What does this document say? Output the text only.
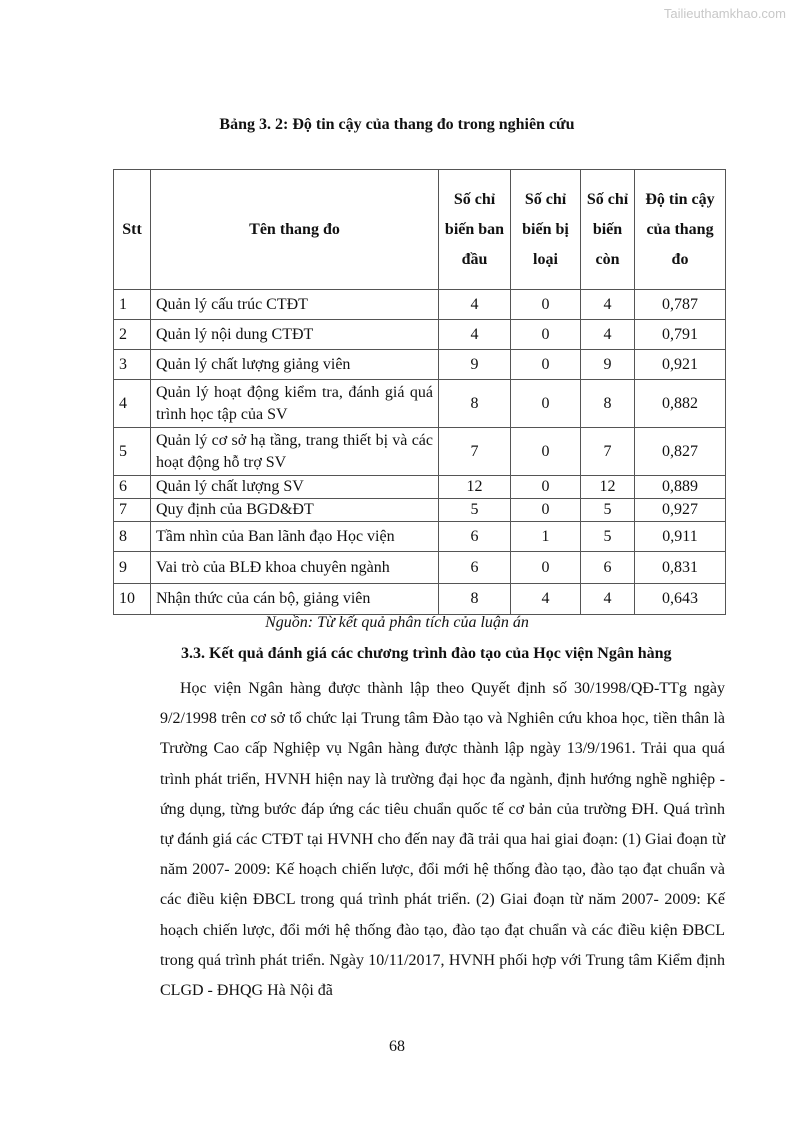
Tailieuthamkhao.com
Bảng 3. 2: Độ tin cậy của thang đo trong nghiên cứu
Stt	Tên thang đo	Số chỉ biến ban đầu	Số chỉ biến bị loại	Số chỉ biến còn	Độ tin cậy của thang đo
1	Quản lý cấu trúc CTĐT	4	0	4	0,787
2	Quản lý nội dung CTĐT	4	0	4	0,791
3	Quản lý chất lượng giảng viên	9	0	9	0,921
4	Quản lý hoạt động kiểm tra, đánh giá quá trình học tập của SV	8	0	8	0,882
5	Quản lý cơ sở hạ tầng, trang thiết bị và các hoạt động hỗ trợ SV	7	0	7	0,827
6	Quản lý chất lượng SV	12	0	12	0,889
7	Quy định của BGD&ĐT	5	0	5	0,927
8	Tầm nhìn của Ban lãnh đạo Học viện	6	1	5	0,911
9	Vai trò của BLĐ khoa chuyên ngành	6	0	6	0,831
10	Nhận thức của cán bộ, giảng viên	8	4	4	0,643
Nguồn: Từ kết quả phân tích của luận án
3.3. Kết quả đánh giá các chương trình đào tạo của Học viện Ngân hàng

Học viện Ngân hàng được thành lập theo Quyết định số 30/1998/QĐ-TTg ngày 9/2/1998 trên cơ sở tổ chức lại Trung tâm Đào tạo và Nghiên cứu khoa học, tiền thân là Trường Cao cấp Nghiệp vụ Ngân hàng được thành lập ngày 13/9/1961. Trải qua quá trình phát triển, HVNH hiện nay là trường đại học đa ngành, định hướng nghề nghiệp - ứng dụng, từng bước đáp ứng các tiêu chuẩn quốc tế cơ bản của trường ĐH. Quá trình tự đánh giá các CTĐT tại HVNH cho đến nay đã trải qua hai giai đoạn: (1) Giai đoạn từ năm 2007- 2009: Kế hoạch chiến lược, đổi mới hệ thống đào tạo, đào tạo đạt chuẩn và các điều kiện ĐBCL trong quá trình phát triển. (2) Giai đoạn từ năm 2007- 2009: Kế hoạch chiến lược, đổi mới hệ thống đào tạo, đào tạo đạt chuẩn và các điều kiện ĐBCL trong quá trình phát triển. Ngày 10/11/2017, HVNH phối hợp với Trung tâm Kiểm định CLGD - ĐHQG Hà Nội đã

68
